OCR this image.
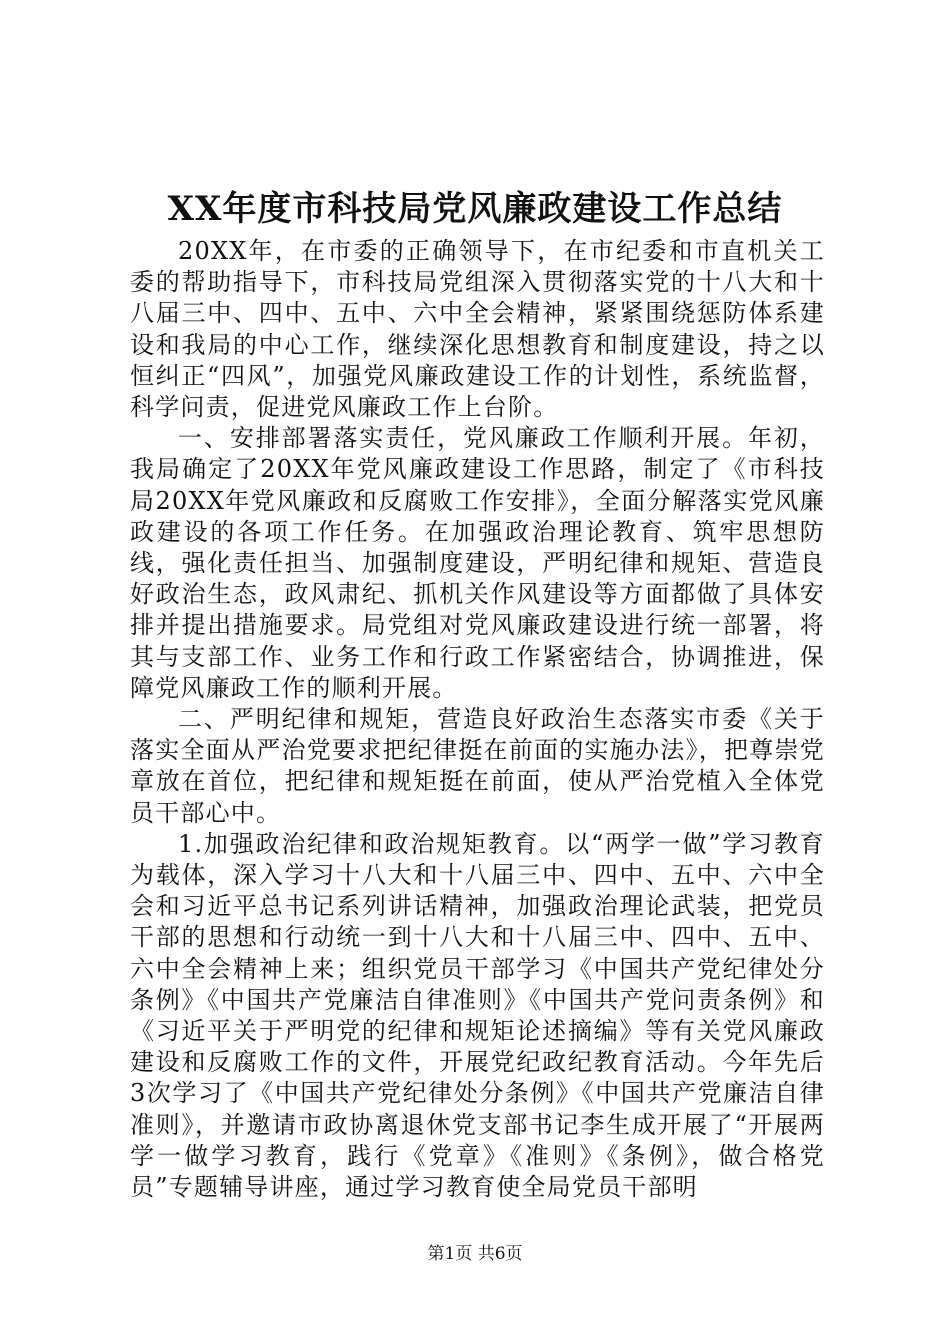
XX年度市科技局党风廉政建设工作总结

20XX年，在市委的正确领导下，在市纪委和市直机关工委的帮助指导下，市科技局党组深入贯彻落实党的十八大和十八届三中、四中、五中、六中全会精神，紧紧围绕惩防体系建设和我局的中心工作，继续深化思想教育和制度建设，持之以恒纠正“四风”，加强党风廉政建设工作的计划性，系统监督，科学问责，促进党风廉政工作上台阶。

一、安排部署落实责任，党风廉政工作顺利开展。年初，我局确定了20XX年党风廉政建设工作思路，制定了《市科技局20XX年党风廉政和反腐败工作安排》，全面分解落实党风廉政建设的各项工作任务。在加强政治理论教育、筑牢思想防线，强化责任担当、加强制度建设，严明纪律和规矩、营造良好政治生态，政风肃纪、抓机关作风建设等方面都做了具体安排并提出措施要求。局党组对党风廉政建设进行统一部署，将其与支部工作、业务工作和行政工作紧密结合，协调推进，保障党风廉政工作的顺利开展。

二、严明纪律和规矩，营造良好政治生态落实市委《关于落实全面从严治党要求把纪律挺在前面的实施办法》，把尊崇党章放在首位，把纪律和规矩挺在前面，使从严治党植入全体党员干部心中。

1.加强政治纪律和政治规矩教育。以“两学一做”学习教育为载体，深入学习十八大和十八届三中、四中、五中、六中全会和习近平总书记系列讲话精神，加强政治理论武装，把党员干部的思想和行动统一到十八大和十八届三中、四中、五中、六中全会精神上来；组织党员干部学习《中国共产党纪律处分条例》《中国共产党廉洁自律准则》《中国共产党问责条例》和《习近平关于严明党的纪律和规矩论述摘编》等有关党风廉政建设和反腐败工作的文件，开展党纪政纪教育活动。今年先后3次学习了《中国共产党纪律处分条例》《中国共产党廉洁自律准则》，并邀请市政协离退休党支部书记李生成开展了“开展两学一做学习教育，践行《党章》《准则》《条例》，做合格党员”专题辅导讲座，通过学习教育使全局党员干部明

第1页 共6页
